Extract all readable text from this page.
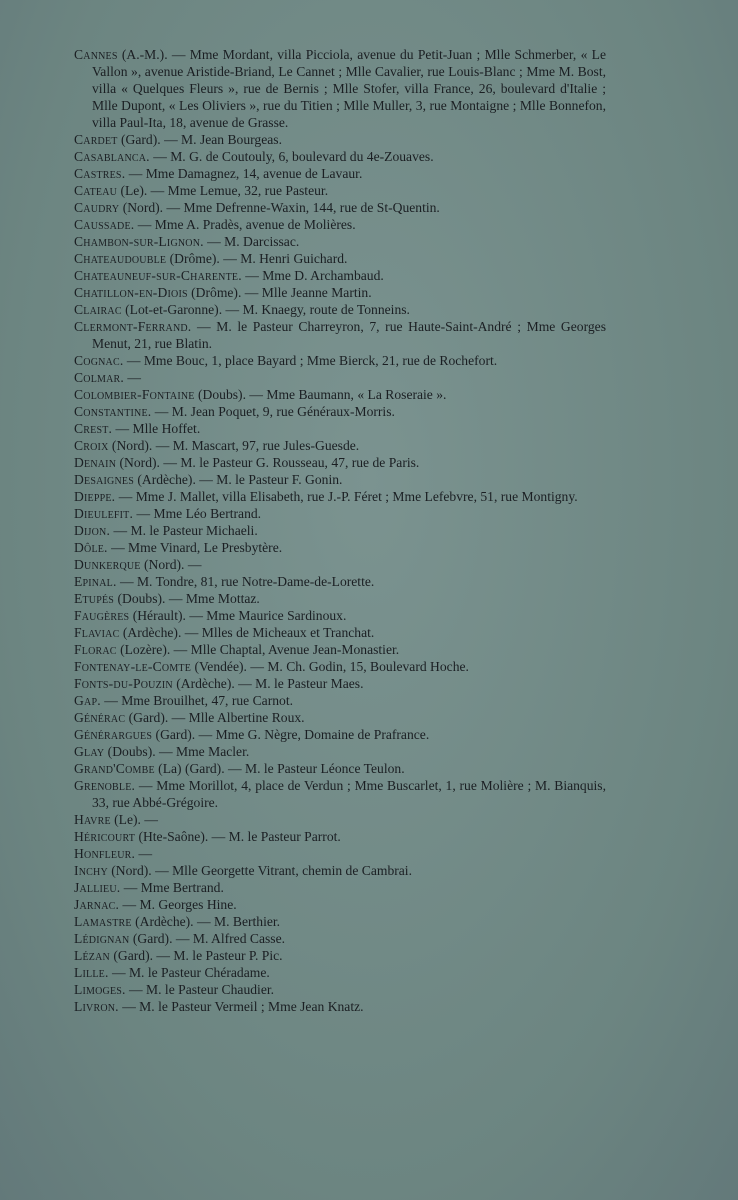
Cannes (A.-M.). — Mme Mordant, villa Picciola, avenue du Petit-Juan ; Mlle Schmerber, « Le Vallon », avenue Aristide-Briand, Le Cannet ; Mlle Cavalier, rue Louis-Blanc ; Mme M. Bost, villa « Quelques Fleurs », rue de Bernis ; Mlle Stofer, villa France, 26, boulevard d'Italie ; Mlle Dupont, « Les Oliviers », rue du Titien ; Mlle Muller, 3, rue Montaigne ; Mlle Bonnefon, villa Paul-Ita, 18, avenue de Grasse.

Cardet (Gard). — M. Jean Bourgeas.

Casablanca. — M. G. de Coutouly, 6, boulevard du 4e-Zouaves.

Castres. — Mme Damagnez, 14, avenue de Lavaur.

Cateau (Le). — Mme Lemue, 32, rue Pasteur.

Caudry (Nord). — Mme Defrenne-Waxin, 144, rue de St-Quentin.

Caussade. — Mme A. Pradès, avenue de Molières.

Chambon-sur-Lignon. — M. Darcissac.

Chateaudouble (Drôme). — M. Henri Guichard.

Chateauneuf-sur-Charente. — Mme D. Archambaud.

Chatillon-en-Diois (Drôme). — Mlle Jeanne Martin.

Clairac (Lot-et-Garonne). — M. Knaegy, route de Tonneins.

Clermont-Ferrand. — M. le Pasteur Charreyron, 7, rue Haute-Saint-André ; Mme Georges Menut, 21, rue Blatin.

Cognac. — Mme Bouc, 1, place Bayard ; Mme Bierck, 21, rue de Rochefort.

Colmar. —

Colombier-Fontaine (Doubs). — Mme Baumann, « La Roseraie ».

Constantine. — M. Jean Poquet, 9, rue Généraux-Morris.

Crest. — Mlle Hoffet.

Croix (Nord). — M. Mascart, 97, rue Jules-Guesde.

Denain (Nord). — M. le Pasteur G. Rousseau, 47, rue de Paris.

Desaignes (Ardèche). — M. le Pasteur F. Gonin.

Dieppe. — Mme J. Mallet, villa Elisabeth, rue J.-P. Féret ; Mme Lefebvre, 51, rue Montigny.

Dieulefit. — Mme Léo Bertrand.

Dijon. — M. le Pasteur Michaeli.

Dôle. — Mme Vinard, Le Presbytère.

Dunkerque (Nord). —

Epinal. — M. Tondre, 81, rue Notre-Dame-de-Lorette.

Etupés (Doubs). — Mme Mottaz.

Faugères (Hérault). — Mme Maurice Sardinoux.

Flaviac (Ardèche). — Mlles de Micheaux et Tranchat.

Florac (Lozère). — Mlle Chaptal, Avenue Jean-Monastier.

Fontenay-le-Comte (Vendée). — M. Ch. Godin, 15, Boulevard Hoche.

Fonts-du-Pouzin (Ardèche). — M. le Pasteur Maes.

Gap. — Mme Brouilhet, 47, rue Carnot.

Générac (Gard). — Mlle Albertine Roux.

Générargues (Gard). — Mme G. Nègre, Domaine de Prafrance.

Glay (Doubs). — Mme Macler.

Grand'Combe (La) (Gard). — M. le Pasteur Léonce Teulon.

Grenoble. — Mme Morillot, 4, place de Verdun ; Mme Buscarlet, 1, rue Molière ; M. Bianquis, 33, rue Abbé-Grégoire.

Havre (Le). —

Héricourt (Hte-Saône). — M. le Pasteur Parrot.

Honfleur. —

Inchy (Nord). — Mlle Georgette Vitrant, chemin de Cambrai.

Jallieu. — Mme Bertrand.

Jarnac. — M. Georges Hine.

Lamastre (Ardèche). — M. Berthier.

Lédignan (Gard). — M. Alfred Casse.

Lézan (Gard). — M. le Pasteur P. Pic.

Lille. — M. le Pasteur Chéradame.

Limoges. — M. le Pasteur Chaudier.

Livron. — M. le Pasteur Vermeil ; Mme Jean Knatz.
